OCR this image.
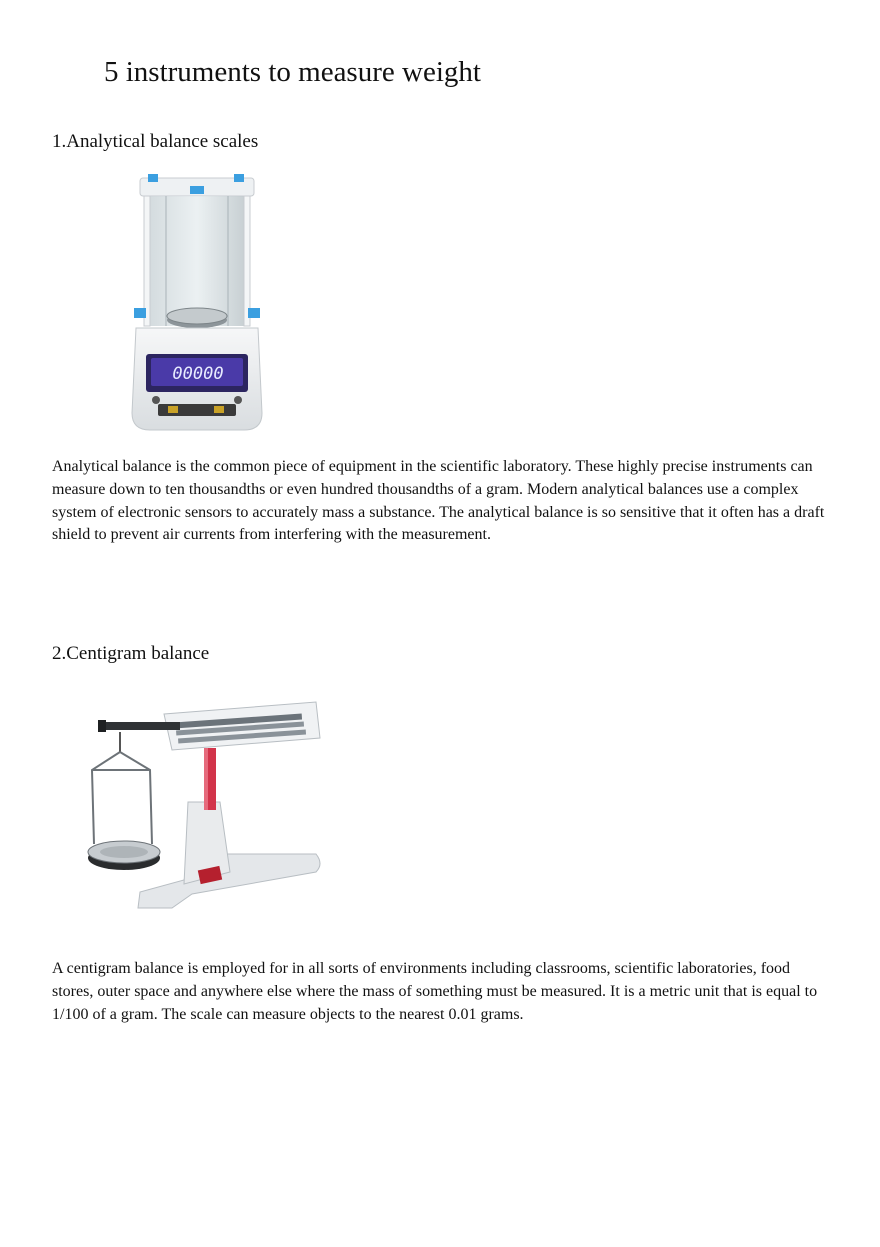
5 instruments to measure weight
1.Analytical balance scales
00000

Analytical balance is the common piece of equipment in the scientific laboratory. These highly precise instruments can measure down to ten thousandths or even hundred thousandths of a gram. Modern analytical balances use a complex system of electronic sensors to accurately mass a substance. The analytical balance is so sensitive that it often has a draft shield to prevent air currents from interfering with the measurement.

2.Centigram balance

A centigram balance is employed for in all sorts of environments including classrooms, scientific laboratories, food stores, outer space and anywhere else where the mass of something must be measured. It is a metric unit that is equal to 1/100 of a gram. The scale can measure objects to the nearest 0.01 grams.
